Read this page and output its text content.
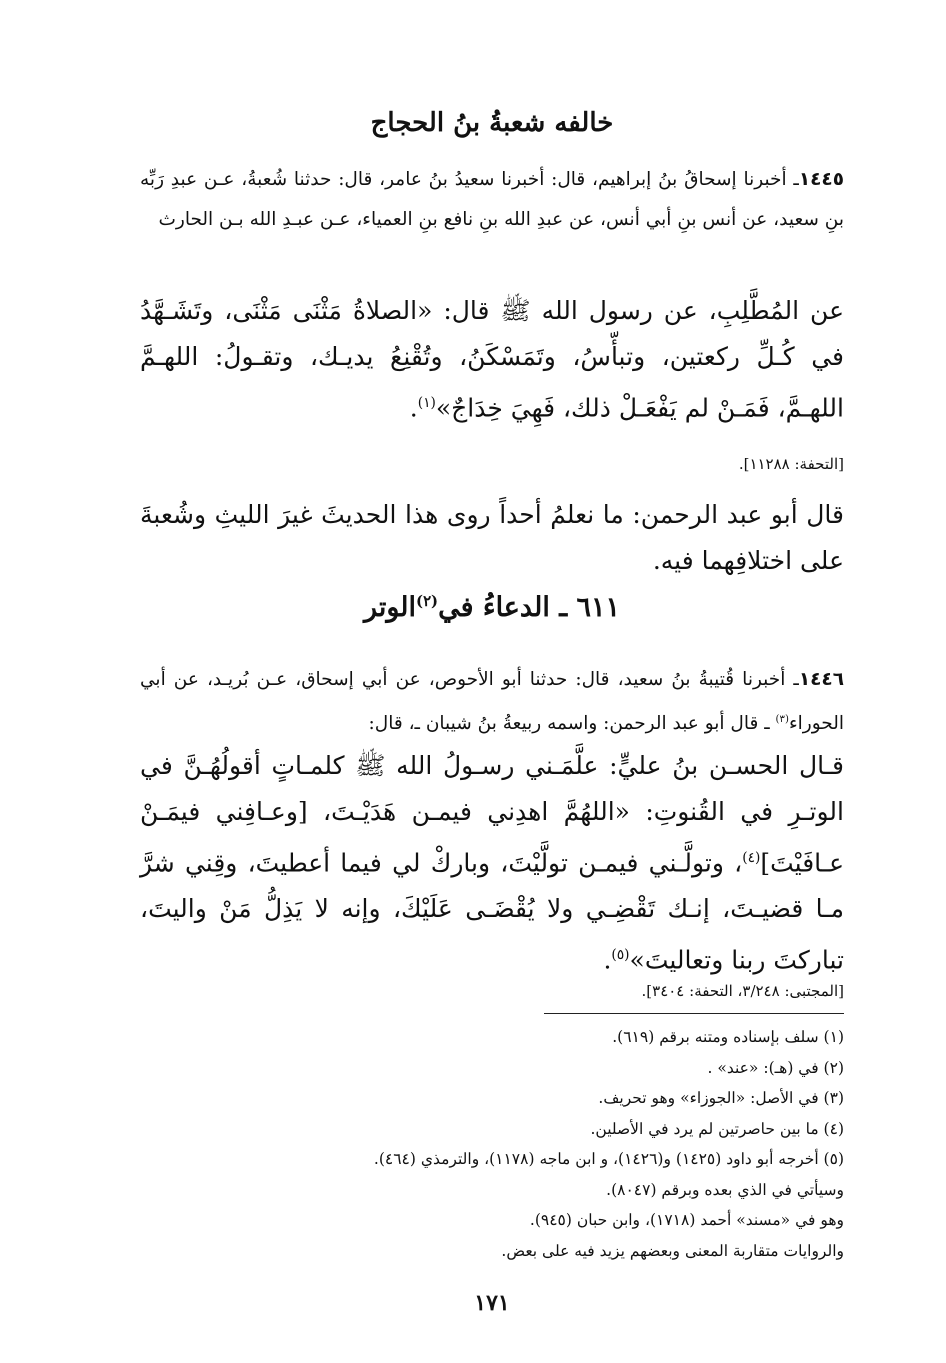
خالفه شعبةُ بنُ الحجاج
١٤٤٥ـ أخبرنا إسحاقُ بنُ إبراهيم، قال: أخبرنا سعيدُ بنُ عامر، قال: حدثنا شُعبةُ، عـن عبدِ رَبِّه بنِ سعيد، عن أنس بنِ أبي أنس، عن عبدِ الله بنِ نافع بنِ العمياء، عـن عبـدِ الله بـن الحارث
عن المُطَّلِبِ، عن رسول الله ﷺ قال: «الصلاةُ مَثْنَى مَثْنَى، وتَشَـهَّدُ في كُـلِّ ركعتين، وتبأّسُ، وتَمَسْكَنُ، وتُقْنِعُ يديـك، وتقـولُ: اللهـمَّ اللهـمَّ، فَمَـنْ لم يَفْعَـلْ ذلك، فَهِيَ خِدَاجٌ»$^{(١)}$.
[التحفة: ١١٢٨٨].
قال أبو عبد الرحمن: ما نعلمُ أحداً روى هذا الحديثَ غيرَ الليثِ وشُعبةَ على اختلافِهما فيه.
٦١١ ـ الدعاءُ في$^{(٢)}$الوتر
١٤٤٦ـ أخبرنا قُتيبةُ بنُ سعيد، قال: حدثنا أبو الأحوص، عن أبي إسحاق، عـن بُريـد، عن أبي الحوراء$^{(٣)}$ ـ قال أبو عبد الرحمن: واسمه ربيعةُ بنُ شيبان ـ، قال:
قـال الحسـن بنُ عليٍّ: علَّمَـني رسـولُ الله ﷺ كلمـاتٍ أقولُهُـنَّ في الوتـرِ في القُنوتِ: «اللهُمَّ اهدِني فيمـن هَدَيْـتَ، [وعـافِني فيمَـنْ عـافَيْتَ]$^{(٤)}$، وتولَّـني فيمـن تولَّيْتَ، وباركْ لي فيما أعطيتَ، وقِني شرَّ مـا قضيـتَ، إنـك تَقْضِـي ولا يُقْضَـى عَلَيْكَ، وإنه لا يَذِلُّ مَنْ واليتَ، تباركتَ ربنا وتعاليتَ»$^{(٥)}$.
[المجتبى: ٣/٢٤٨، التحفة: ٣٤٠٤].
(١) سلف بإسناده ومتنه برقم (٦١٩).
(٢) في (هـ): «عند» .
(٣) في الأصل: «الجوزاء» وهو تحريف.
(٤) ما بين حاصرتين لم يرد في الأصلين.
(٥) أخرجه أبو داود (١٤٢٥) و(١٤٢٦)، و ابن ماجه (١١٧٨)، والترمذي (٤٦٤).
وسيأتي في الذي بعده وبرقم (٨٠٤٧).
وهو في «مسند» أحمد (١٧١٨)، وابن حبان (٩٤٥).
والروايات متقاربة المعنى وبعضهم يزيد فيه على بعض.
١٧١
